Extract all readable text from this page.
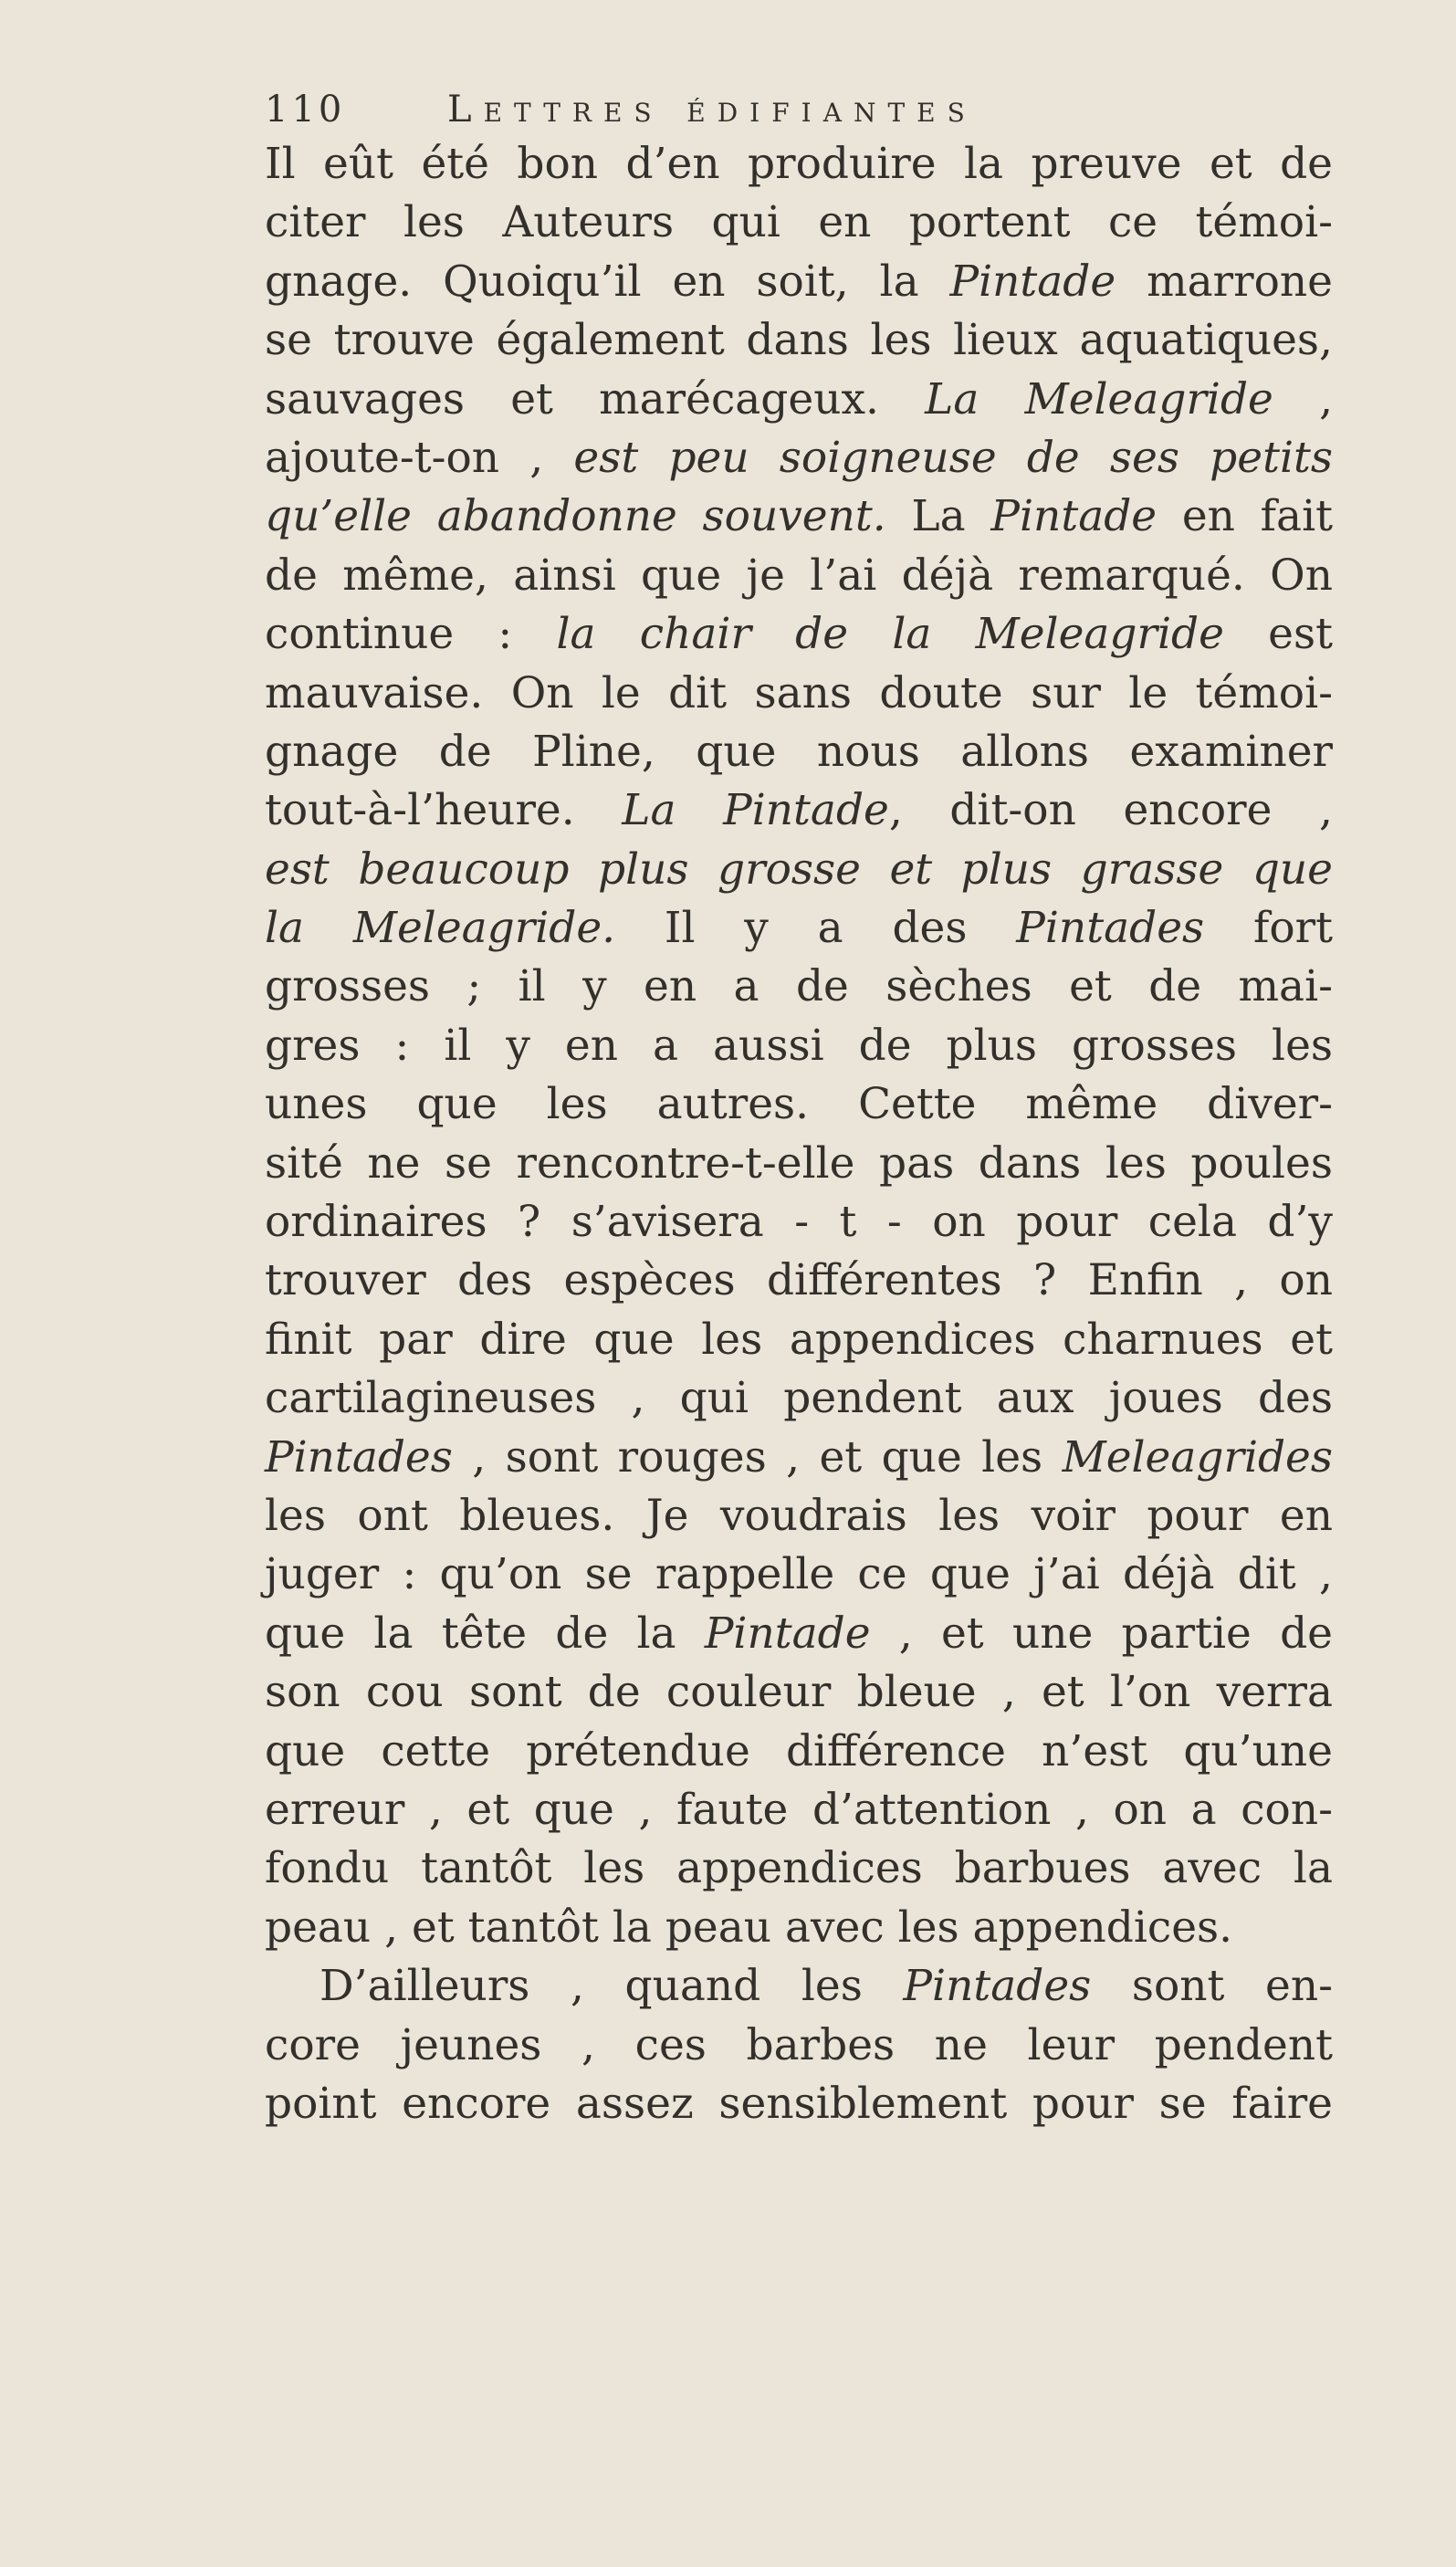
110	Lettres édifiantes
Il eût été bon d’en produire la preuve et de
citer les Auteurs qui en portent ce témoi-
gnage. Quoiqu’il en soit, la Pintade marrone
se trouve également dans les lieux aquatiques,
sauvages et marécageux. La Meleagride ,
ajoute-t-on , est peu soigneuse de ses petits
qu’elle abandonne souvent. La Pintade en fait
de même, ainsi que je l’ai déjà remarqué. On
continue : la chair de la Meleagride est
mauvaise. On le dit sans doute sur le témoi-
gnage de Pline, que nous allons examiner
tout-à-l’heure. La Pintade, dit-on encore ,
est beaucoup plus grosse et plus grasse que
la Meleagride. Il y a des Pintades fort
grosses ; il y en a de sèches et de mai-
gres : il y en a aussi de plus grosses les
unes que les autres. Cette même diver-
sité ne se rencontre-t-elle pas dans les poules
ordinaires ? s’avisera - t - on pour cela d’y
trouver des espèces différentes ? Enfin , on
finit par dire que les appendices charnues et
cartilagineuses , qui pendent aux joues des
Pintades , sont rouges , et que les Meleagrides
les ont bleues. Je voudrais les voir pour en
juger : qu’on se rappelle ce que j’ai déjà dit ,
que la tête de la Pintade , et une partie de
son cou sont de couleur bleue , et l’on verra
que cette prétendue différence n’est qu’une
erreur , et que , faute d’attention , on a con-
fondu tantôt les appendices barbues avec la
peau , et tantôt la peau avec les appendices.
D’ailleurs , quand les Pintades sont en-
core jeunes , ces barbes ne leur pendent
point encore assez sensiblement pour se faire
